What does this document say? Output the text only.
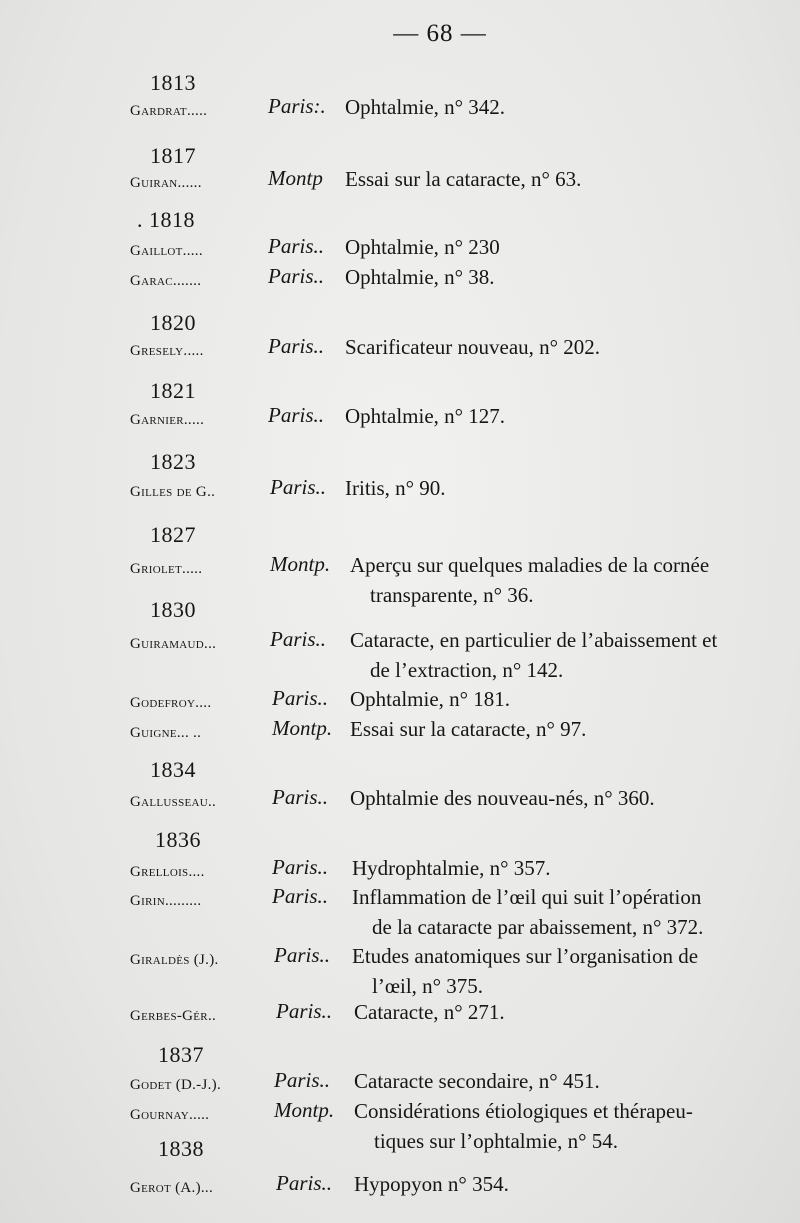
— 68 —
1813
Gardrat.....	Paris:. Ophtalmie, n° 342.
1817
Guiran......	Montp Essai sur la cataracte, n° 63.
. 1818
Gaillot.....	Paris.. Ophtalmie, n° 230
Garac.......	Paris.. Ophtalmie, n° 38.
1820
Gresely.....	Paris.. Scarificateur nouveau, n° 202.
1821
Garnier.....	Paris.. Ophtalmie, n° 127.
1823
Gilles de G..	Paris.. Iritis, n° 90.
1827
Griolet.....	Montp. Aperçu sur quelques maladies de la cornée
transparente, n° 36.
1830
Guiramaud...	Paris.. Cataracte, en particulier de l’abaissement et
de l’extraction, n° 142.
Godefroy....	Paris.. Ophtalmie, n° 181.
Guigne... ..	Montp. Essai sur la cataracte, n° 97.
1834
Gallusseau..	Paris.. Ophtalmie des nouveau-nés, n° 360.
1836
Grellois....	Paris.. Hydrophtalmie, n° 357.
Girin.........	Paris.. Inflammation de l’œil qui suit l’opération
de la cataracte par abaissement, n° 372.
Giraldès (J.).	Paris.. Etudes anatomiques sur l’organisation de
l’œil, n° 375.
Gerbes-Gér..	Paris.. Cataracte, n° 271.
1837
Godet (D.-J.).	Paris.. Cataracte secondaire, n° 451.
Gournay.....	Montp. Considérations étiologiques et thérapeu-
tiques sur l’ophtalmie, n° 54.
1838
Gerot (A.)...	Paris.. Hypopyon n° 354.
